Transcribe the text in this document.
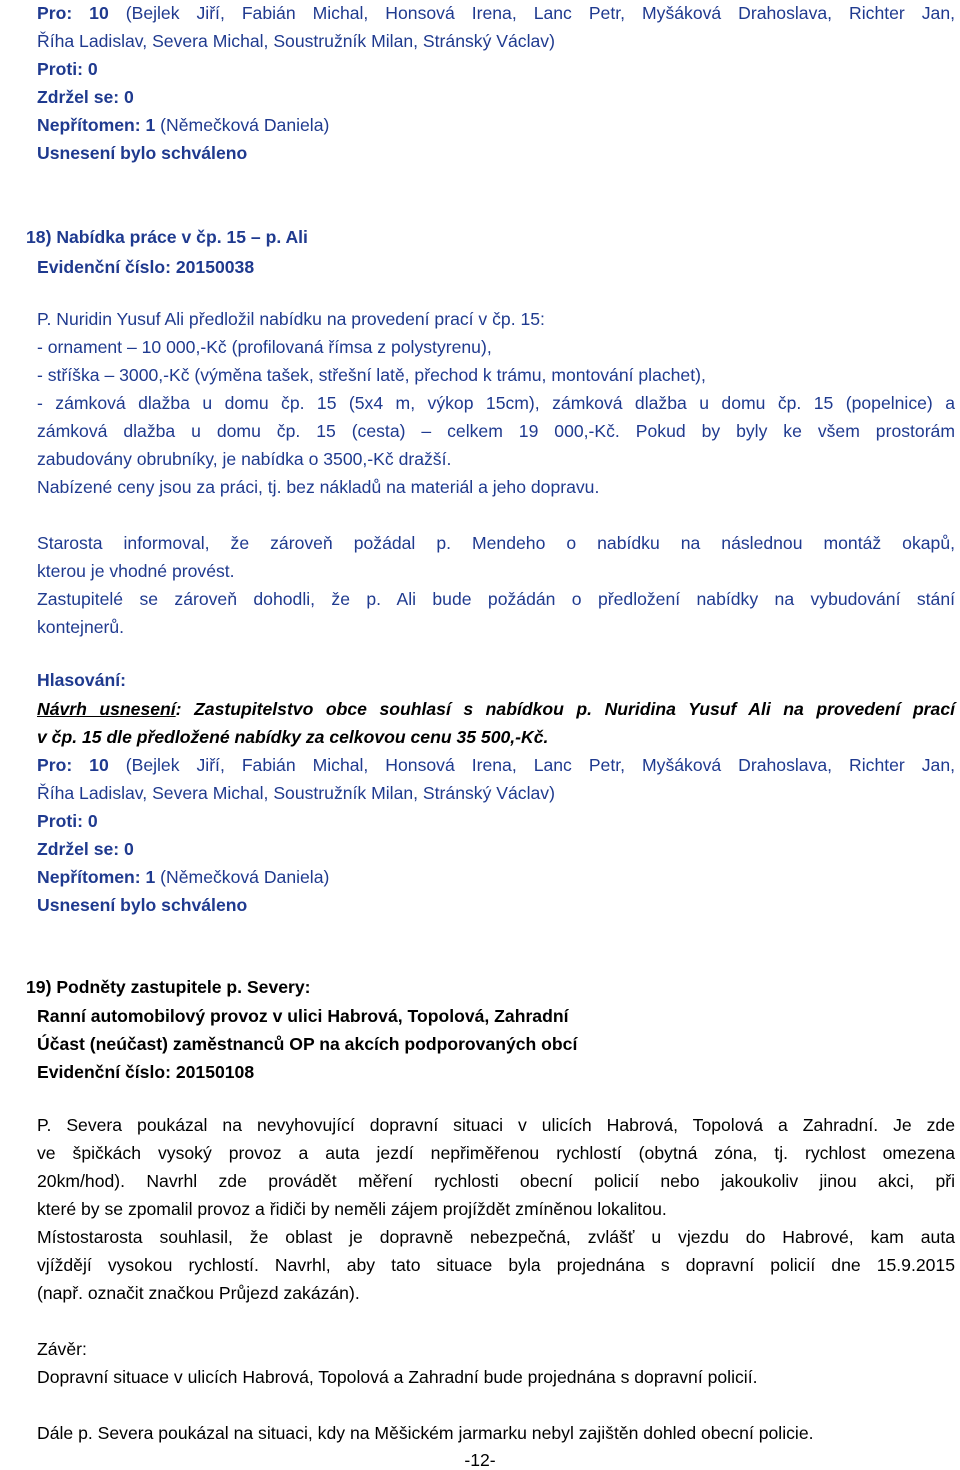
Pro: 10 (Bejlek Jiří, Fabián Michal, Honsová Irena, Lanc Petr, Myšáková Drahoslava, Richter Jan,
Říha Ladislav, Severa Michal, Soustružník Milan, Stránský Václav)
Proti: 0
Zdržel se: 0
Nepřítomen: 1 (Němečková Daniela)
Usnesení bylo schváleno
18) Nabídka práce v čp. 15 – p. Ali
Evidenční číslo: 20150038
P. Nuridin Yusuf Ali předložil nabídku na provedení prací v čp. 15:
- ornament – 10 000,-Kč (profilovaná římsa z polystyrenu),
- stříška – 3000,-Kč (výměna tašek, střešní latě, přechod k trámu, montování plachet),
- zámková dlažba u domu čp. 15 (5x4 m, výkop 15cm), zámková dlažba u domu čp. 15 (popelnice) a
zámková dlažba u domu čp. 15 (cesta) – celkem 19 000,-Kč. Pokud by byly ke všem prostorám
zabudovány obrubníky, je nabídka o 3500,-Kč dražší.
Nabízené ceny jsou za práci, tj. bez nákladů na materiál a jeho dopravu.
Starosta informoval, že zároveň požádal p. Mendeho o nabídku na následnou montáž okapů,
kterou je vhodné provést.
Zastupitelé se zároveň dohodli, že p. Ali bude požádán o předložení nabídky na vybudování stání
kontejnerů.
Hlasování:
Návrh usnesení: Zastupitelstvo obce souhlasí s nabídkou p. Nuridina Yusuf Ali na provedení prací
v čp. 15 dle předložené nabídky za celkovou cenu 35 500,-Kč.
Pro: 10 (Bejlek Jiří, Fabián Michal, Honsová Irena, Lanc Petr, Myšáková Drahoslava, Richter Jan,
Říha Ladislav, Severa Michal, Soustružník Milan, Stránský Václav)
Proti: 0
Zdržel se: 0
Nepřítomen: 1 (Němečková Daniela)
Usnesení bylo schváleno
19) Podněty zastupitele p. Severy:
Ranní automobilový provoz v ulici Habrová, Topolová, Zahradní
Účast (neúčast) zaměstnanců OP na akcích podporovaných obcí
Evidenční číslo: 20150108
P. Severa poukázal na nevyhovující dopravní situaci v ulicích Habrová, Topolová a Zahradní. Je zde
ve špičkách vysoký provoz a auta jezdí nepřiměřenou rychlostí (obytná zóna, tj. rychlost omezena
20km/hod). Navrhl zde provádět měření rychlosti obecní policií nebo jakoukoliv jinou akci, při
které by se zpomalil provoz a řidiči by neměli zájem projíždět zmíněnou lokalitou.
Místostarosta souhlasil, že oblast je dopravně nebezpečná, zvlášť u vjezdu do Habrové, kam auta
vjíždějí vysokou rychlostí. Navrhl, aby tato situace byla projednána s dopravní policií dne 15.9.2015
(např. označit značkou Průjezd zakázán).
Závěr:
Dopravní situace v ulicích Habrová, Topolová a Zahradní bude projednána s dopravní policií.
Dále p. Severa poukázal na situaci, kdy na Měšickém jarmarku nebyl zajištěn dohled obecní policie.
-12-
